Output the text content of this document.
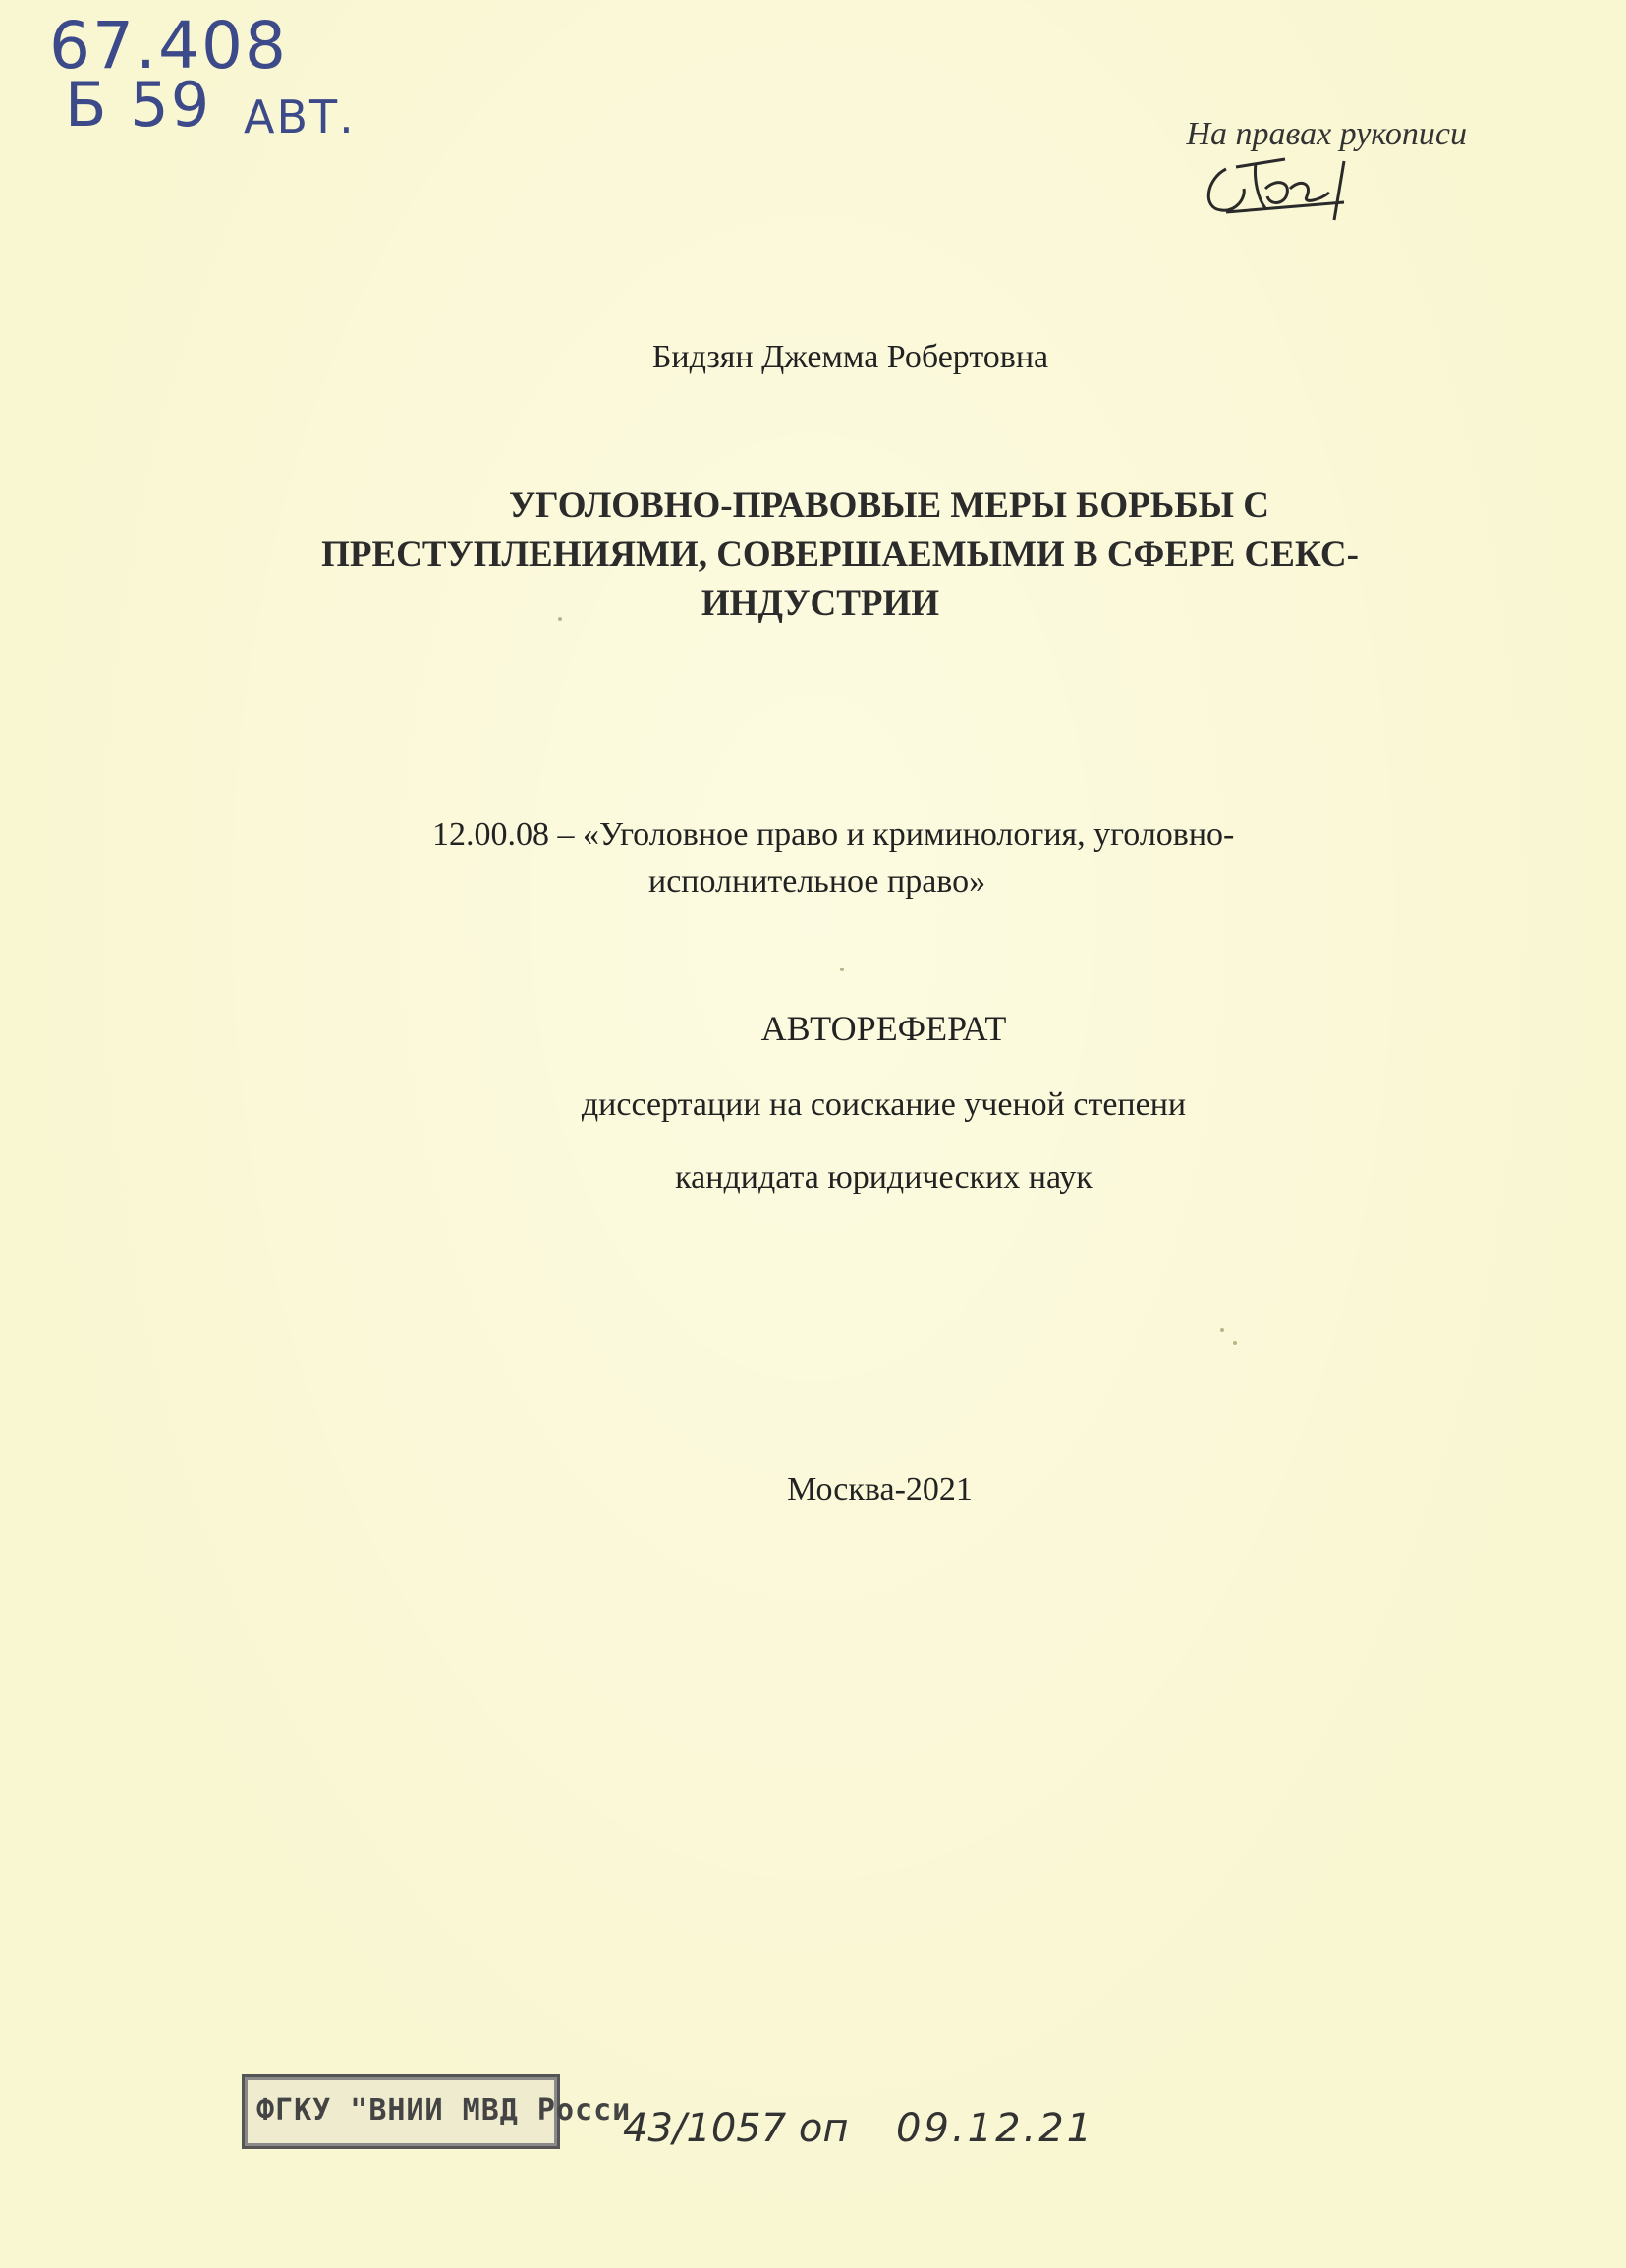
67.408
Б 59 АВТ.	На правах рукописи
Бидзян Джемма Робертовна
УГОЛОВНО-ПРАВОВЫЕ МЕРЫ БОРЬБЫ С
ПРЕСТУПЛЕНИЯМИ, СОВЕРШАЕМЫМИ В СФЕРЕ СЕКС-
ИНДУСТРИИ
12.00.08 – «Уголовное право и криминология, уголовно-
исполнительное право»
АВТОРЕФЕРАТ
диссертации на соискание ученой степени
кандидата юридических наук
Москва-2021
ФГКУ "ВНИИ МВД Росси
43/1057 оп 09.12.21
